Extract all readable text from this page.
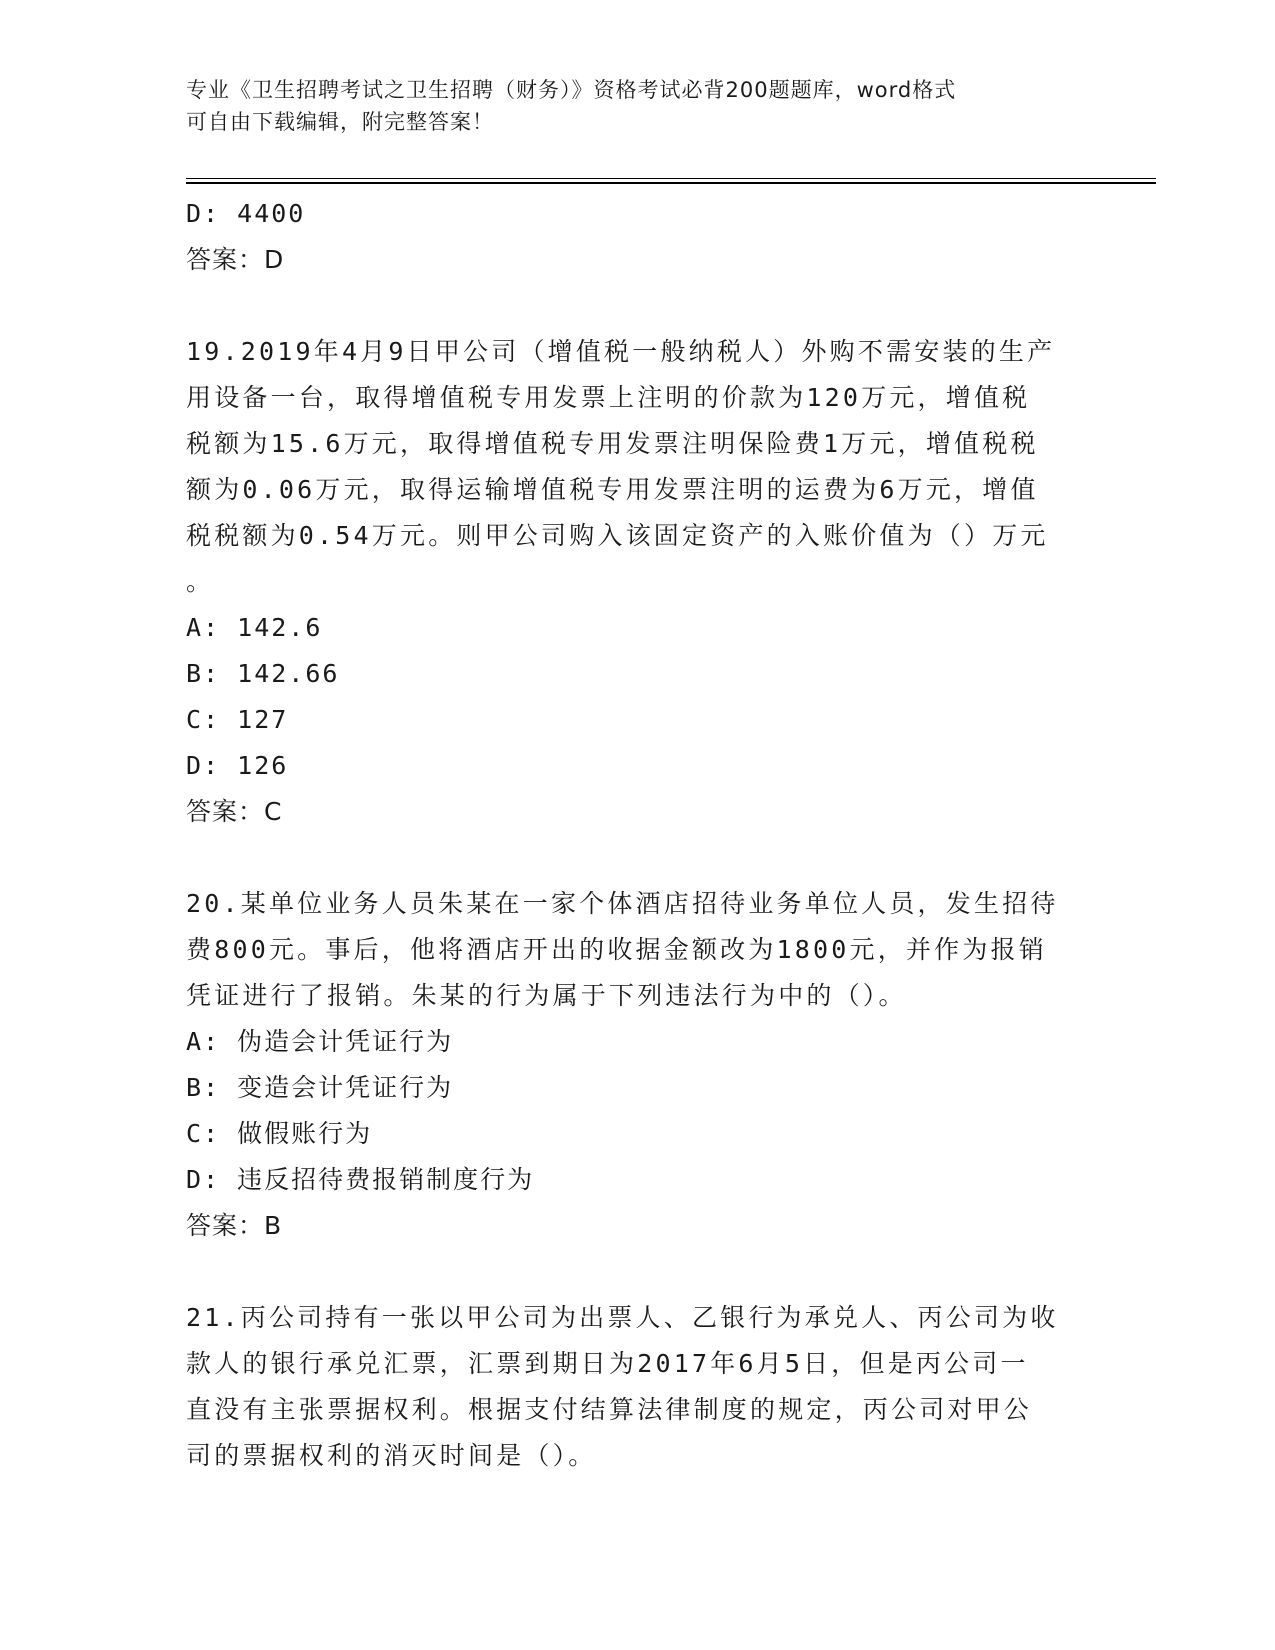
专业《卫生招聘考试之卫生招聘（财务）》资格考试必背200题题库，word格式
可自由下载编辑，附完整答案！
D: 4400
答案：D
19.2019年4月9日甲公司（增值税一般纳税人）外购不需安装的生产
用设备一台，取得增值税专用发票上注明的价款为120万元，增值税
税额为15.6万元，取得增值税专用发票注明保险费1万元，增值税税
额为0.06万元，取得运输增值税专用发票注明的运费为6万元，增值
税税额为0.54万元。则甲公司购入该固定资产的入账价值为（）万元
。
A: 142.6
B: 142.66
C: 127
D: 126
答案：C
20.某单位业务人员朱某在一家个体酒店招待业务单位人员，发生招待
费800元。事后，他将酒店开出的收据金额改为1800元，并作为报销
凭证进行了报销。朱某的行为属于下列违法行为中的（）。
A: 伪造会计凭证行为
B: 变造会计凭证行为
C: 做假账行为
D: 违反招待费报销制度行为
答案：B
21.丙公司持有一张以甲公司为出票人、乙银行为承兑人、丙公司为收
款人的银行承兑汇票，汇票到期日为2017年6月5日，但是丙公司一
直没有主张票据权利。根据支付结算法律制度的规定，丙公司对甲公
司的票据权利的消灭时间是（）。
